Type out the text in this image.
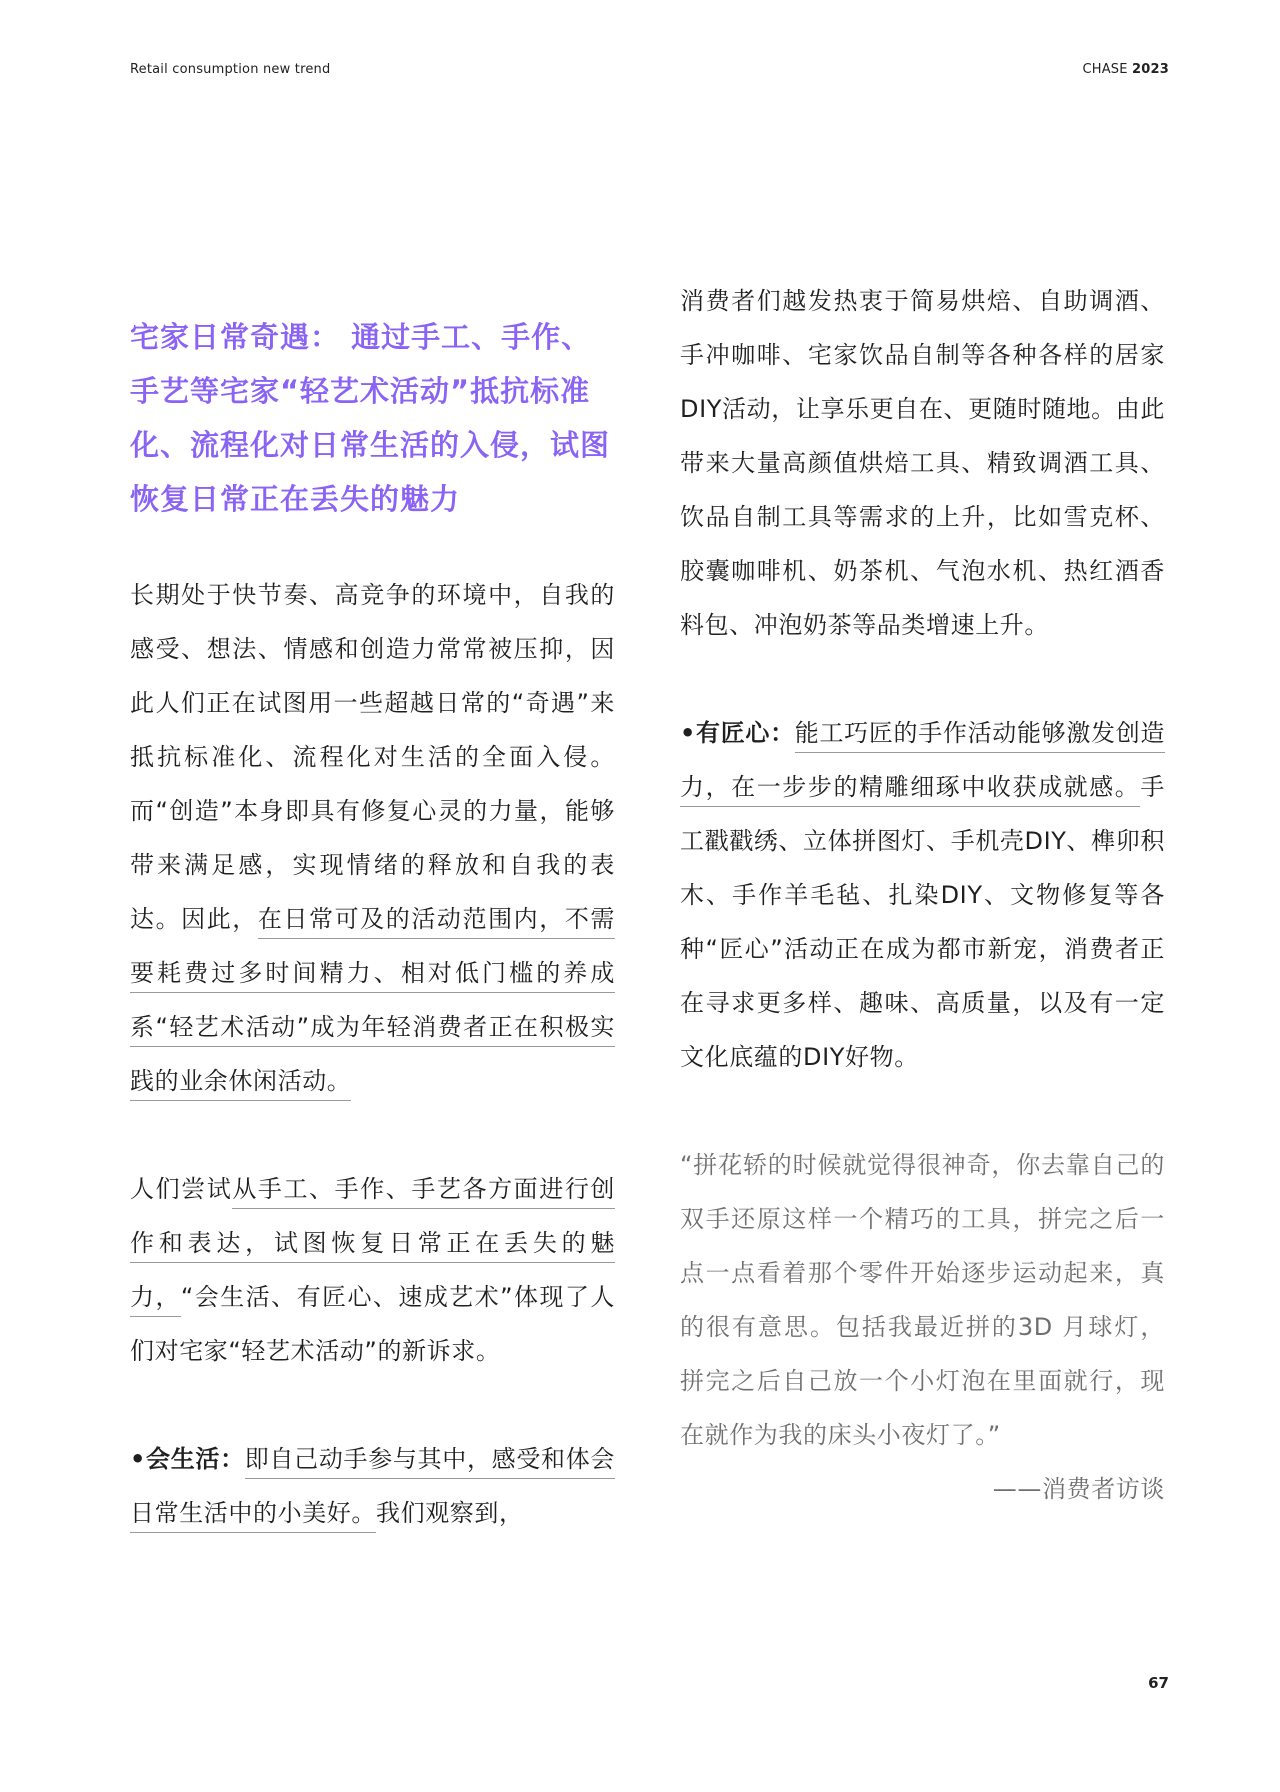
Retail consumption new trend	CHASE 2023
宅家日常奇遇： 通过手工、手作、手艺等宅家“轻艺术活动”抵抗标准化、流程化对日常生活的入侵，试图恢复日常正在丢失的魅力

长期处于快节奏、高竞争的环境中，自我的感受、想法、情感和创造力常常被压抑，因此人们正在试图用一些超越日常的“奇遇”来抵抗标准化、流程化对生活的全面入侵。而“创造”本身即具有修复心灵的力量，能够带来满足感，实现情绪的释放和自我的表达。因此，在日常可及的活动范围内，不需要耗费过多时间精力、相对低门槛的养成系“轻艺术活动”成为年轻消费者正在积极实践的业余休闲活动。

人们尝试从手工、手作、手艺各方面进行创作和表达，试图恢复日常正在丢失的魅力，“会生活、有匠心、速成艺术”体现了人们对宅家“轻艺术活动”的新诉求。

•会生活：即自己动手参与其中，感受和体会日常生活中的小美好。我们观察到，

消费者们越发热衷于简易烘焙、自助调酒、手冲咖啡、宅家饮品自制等各种各样的居家DIY活动，让享乐更自在、更随时随地。由此带来大量高颜值烘焙工具、精致调酒工具、饮品自制工具等需求的上升，比如雪克杯、胶囊咖啡机、奶茶机、气泡水机、热红酒香料包、冲泡奶茶等品类增速上升。

•有匠心：能工巧匠的手作活动能够激发创造力，在一步步的精雕细琢中收获成就感。手工戳戳绣、立体拼图灯、手机壳DIY、榫卯积木、手作羊毛毡、扎染DIY、文物修复等各种“匠心”活动正在成为都市新宠，消费者正在寻求更多样、趣味、高质量，以及有一定文化底蕴的DIY好物。

“拼花轿的时候就觉得很神奇，你去靠自己的双手还原这样一个精巧的工具，拼完之后一点一点看着那个零件开始逐步运动起来，真的很有意思。包括我最近拼的3D 月球灯，拼完之后自己放一个小灯泡在里面就行，现在就作为我的床头小夜灯了。”

——消费者访谈
67
